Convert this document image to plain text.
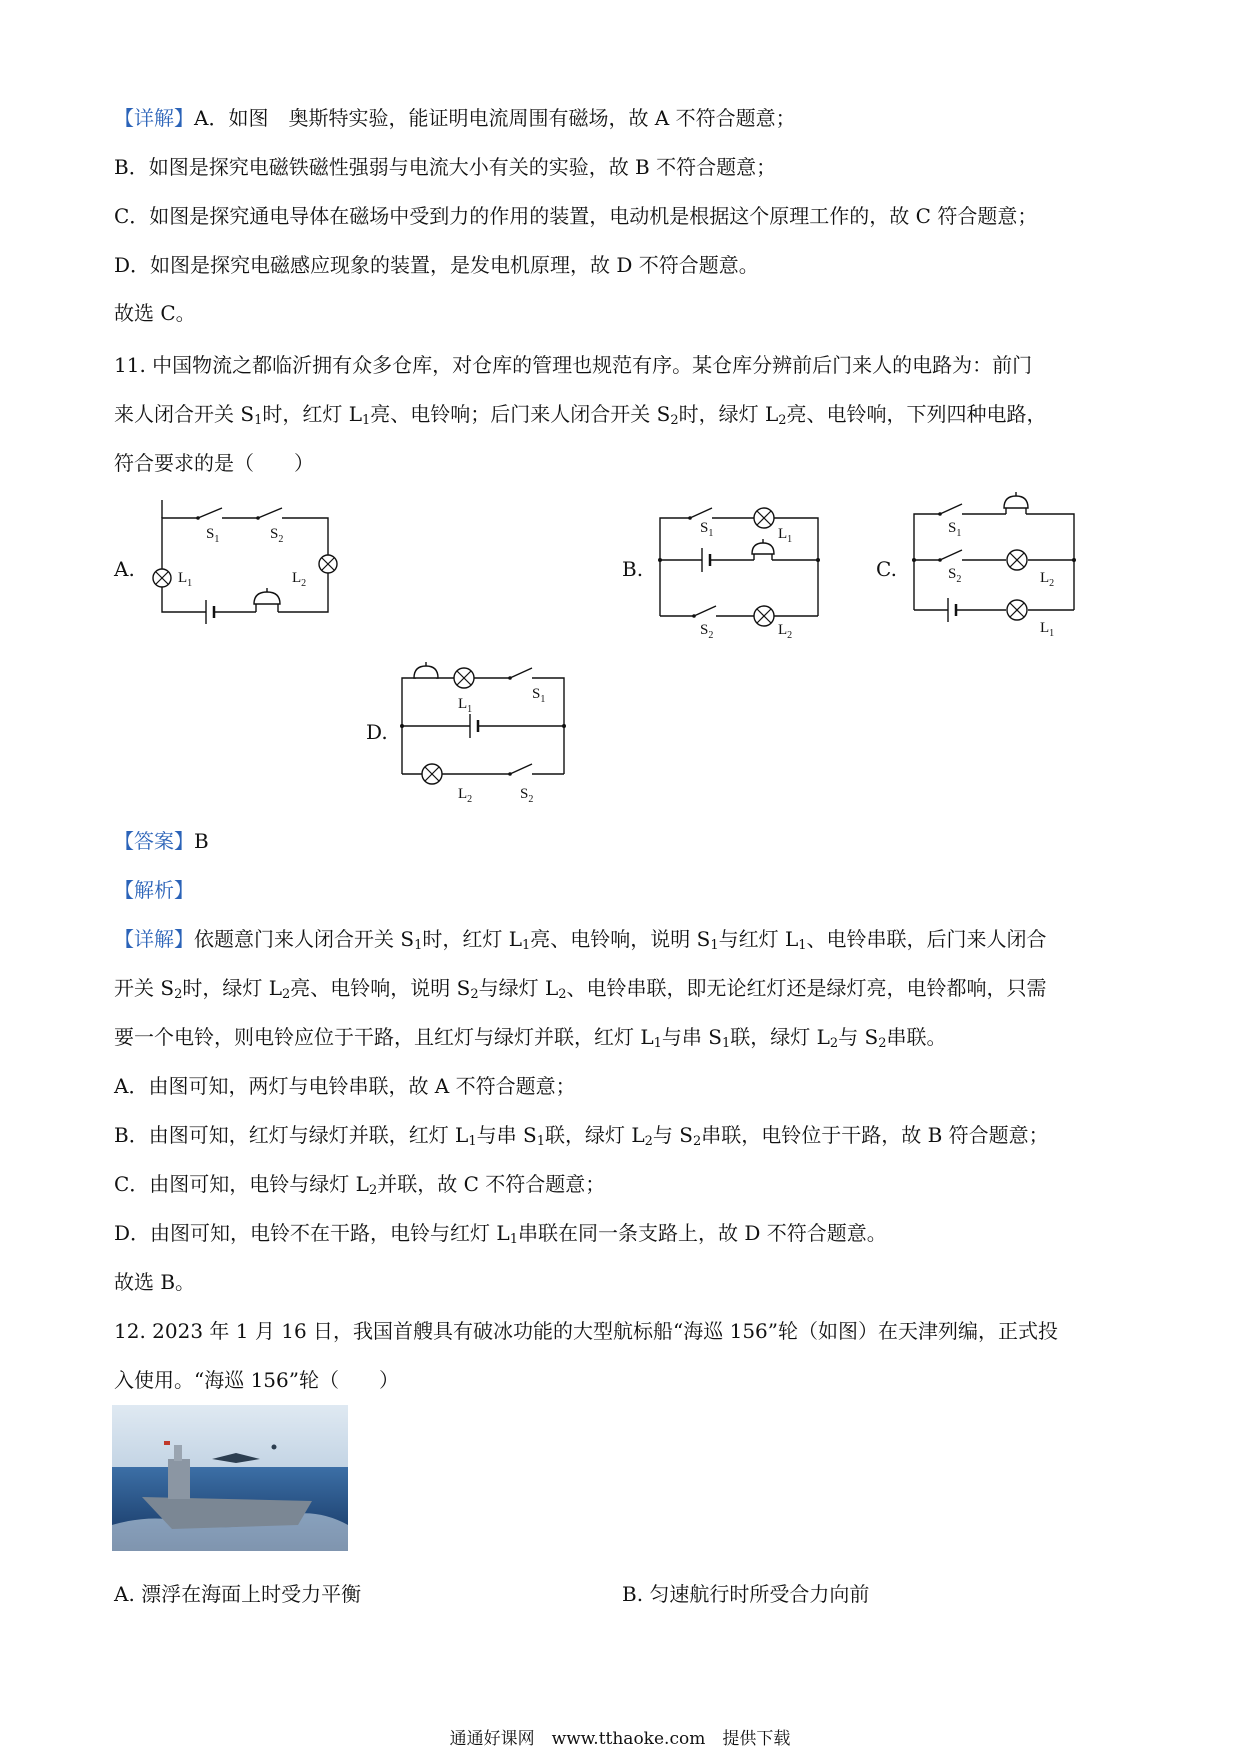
【详解】A．如图　奥斯特实验，能证明电流周围有磁场，故 A 不符合题意；
B．如图是探究电磁铁磁性强弱与电流大小有关的实验，故 B 不符合题意；
C．如图是探究通电导体在磁场中受到力的作用的装置，电动机是根据这个原理工作的，故 C 符合题意；
D．如图是探究电磁感应现象的装置，是发电机原理，故 D 不符合题意。
故选 C。
11. 中国物流之都临沂拥有众多仓库，对仓库的管理也规范有序。某仓库分辨前后门来人的电路为：前门
来人闭合开关 $S_1$时，红灯 $L_1$亮、电铃响；后门来人闭合开关 $S_2$时，绿灯 $L_2$亮、电铃响，下列四种电路，
符合要求的是（　　）
A.	B.	C.
D.
$S_1$	$S_2$
$L_1$	$L_2$
$S_1$	$L_1$
$S_2$	$L_2$
$S_1$
$S_2$	$L_2$
$L_1$
$L_1$
$S_1$
$L_2$	$S_2$
【答案】B
【解析】
【详解】依题意门来人闭合开关 $S_1$时，红灯 $L_1$亮、电铃响，说明 $S_1$与红灯 $L_1$、电铃串联，后门来人闭合
开关 $S_2$时，绿灯 $L_2$亮、电铃响，说明 $S_2$与绿灯 $L_2$、电铃串联，即无论红灯还是绿灯亮，电铃都响，只需
要一个电铃，则电铃应位于干路，且红灯与绿灯并联，红灯 $L_1$与串 $S_1$联，绿灯 $L_2$与 $S_2$串联。
A．由图可知，两灯与电铃串联，故 A 不符合题意；
B．由图可知，红灯与绿灯并联，红灯 $L_1$与串 $S_1$联，绿灯 $L_2$与 $S_2$串联，电铃位于干路，故 B 符合题意；
C．由图可知，电铃与绿灯 $L_2$并联，故 C 不符合题意；
D．由图可知，电铃不在干路，电铃与红灯 $L_1$串联在同一条支路上，故 D 不符合题意。
故选 B。
12. 2023 年 1 月 16 日，我国首艘具有破冰功能的大型航标船“海巡 156”轮（如图）在天津列编，正式投
入使用。“海巡 156”轮（　　）
A. 漂浮在海面上时受力平衡	B. 匀速航行时所受合力向前
通通好课网　www.tthaoke.com　提供下载
